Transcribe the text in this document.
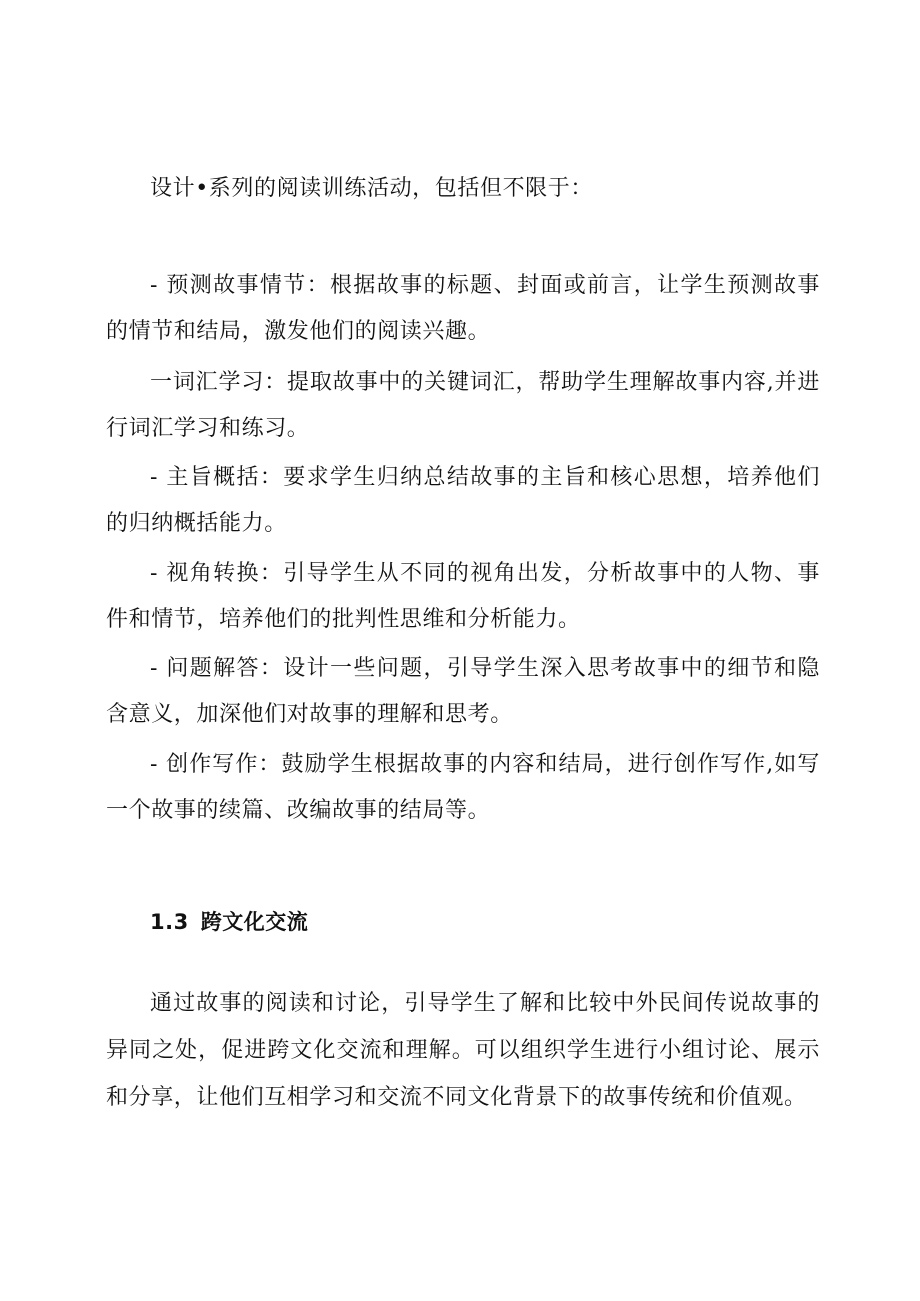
设计•系列的阅读训练活动，包括但不限于：

- 预测故事情节：根据故事的标题、封面或前言，让学生预测故事的情节和结局，激发他们的阅读兴趣。

一词汇学习：提取故事中的关键词汇，帮助学生理解故事内容,并进行词汇学习和练习。

- 主旨概括：要求学生归纳总结故事的主旨和核心思想，培养他们的归纳概括能力。

- 视角转换：引导学生从不同的视角出发，分析故事中的人物、事件和情节，培养他们的批判性思维和分析能力。

- 问题解答：设计一些问题，引导学生深入思考故事中的细节和隐含意义，加深他们对故事的理解和思考。

- 创作写作：鼓励学生根据故事的内容和结局，进行创作写作,如写一个故事的续篇、改编故事的结局等。

1.3 跨文化交流

通过故事的阅读和讨论，引导学生了解和比较中外民间传说故事的异同之处，促进跨文化交流和理解。可以组织学生进行小组讨论、展示和分享，让他们互相学习和交流不同文化背景下的故事传统和价值观。
